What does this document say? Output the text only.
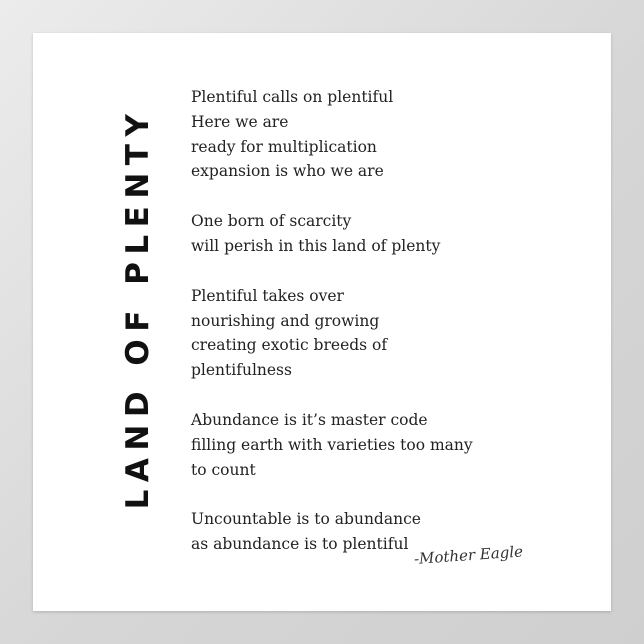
LAND OF PLENTY
Plentiful calls on plentiful
Here we are
ready for multiplication
expansion is who we are
One born of scarcity
will perish in this land of plenty
Plentiful takes over
nourishing and growing
creating exotic breeds of
plentifulness
Abundance is it’s master code
filling earth with varieties too many
to count
Uncountable is to abundance
as abundance is to plentiful -Mother Eagle
